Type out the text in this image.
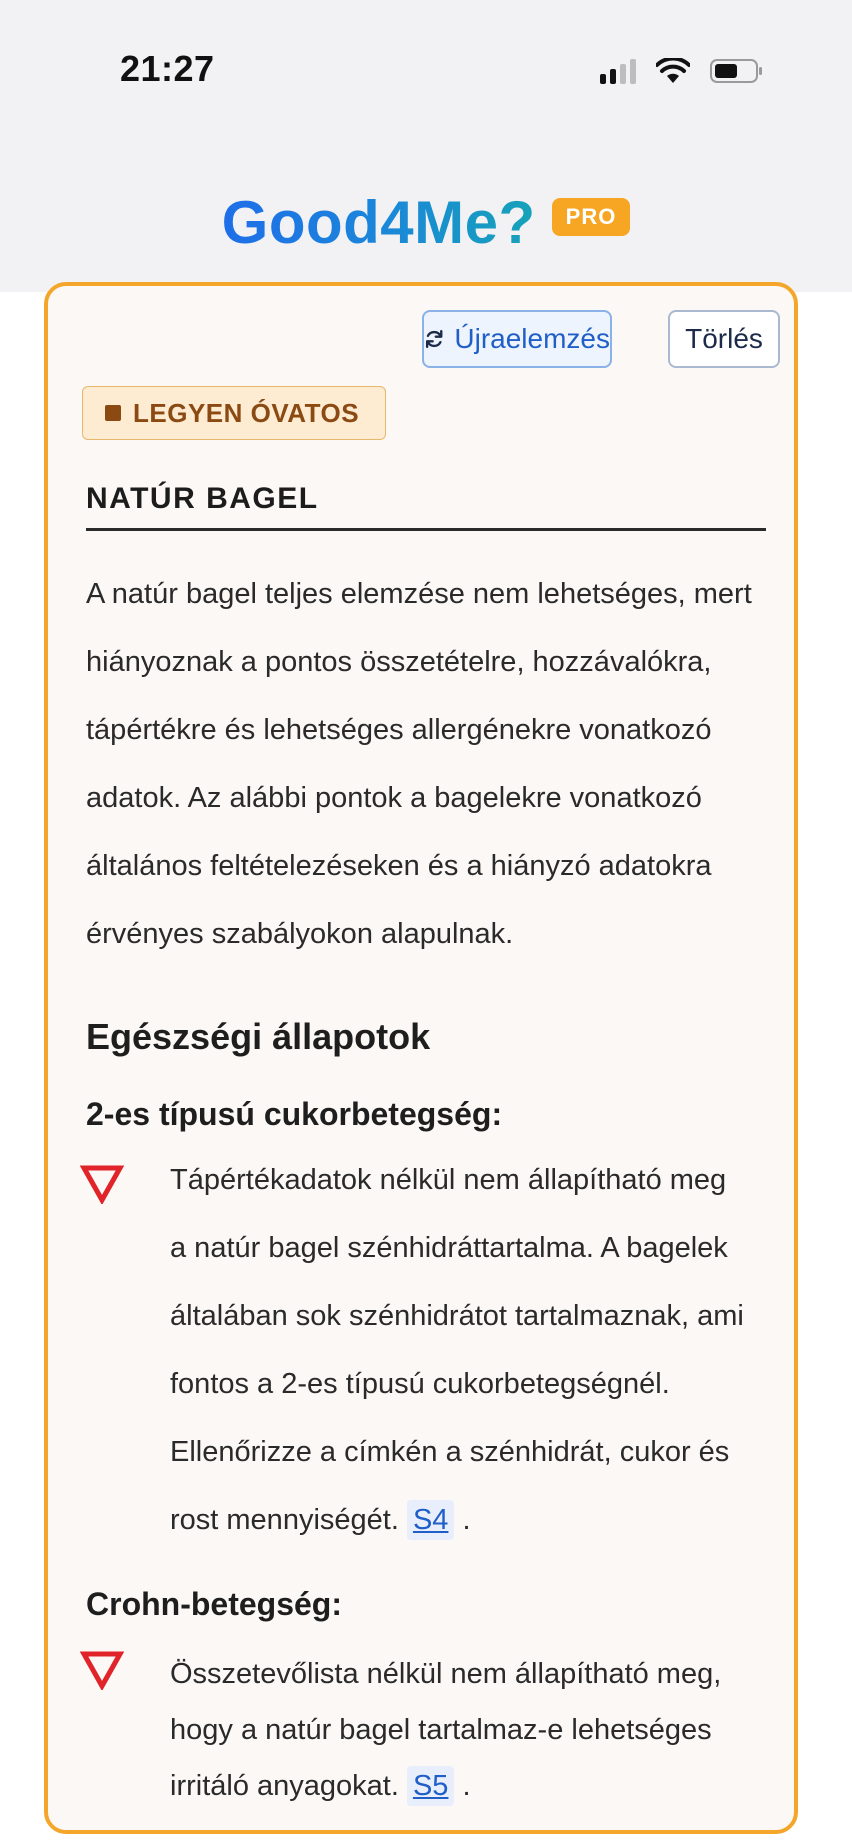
21:27
Good4Me?	PRO
Újraelemzés	Törlés
LEGYEN ÓVATOS
NATÚR BAGEL
A natúr bagel teljes elemzése nem lehetséges, mert hiányoznak a pontos összetételre, hozzávalókra, tápértékre és lehetséges allergénekre vonatkozó adatok. Az alábbi pontok a bagelekre vonatkozó általános feltételezéseken és a hiányzó adatokra érvényes szabályokon alapulnak.
Egészségi állapotok
2-es típusú cukorbetegség:
Tápértékadatok nélkül nem állapítható meg a natúr bagel szénhidráttartalma. A bagelek általában sok szénhidrátot tartalmaznak, ami fontos a 2-es típusú cukorbetegségnél. Ellenőrizze a címkén a szénhidrát, cukor és rost mennyiségét. S4 .
Crohn-betegség:
Összetevőlista nélkül nem állapítható meg, hogy a natúr bagel tartalmaz-e lehetséges irritáló anyagokat. S5 .
